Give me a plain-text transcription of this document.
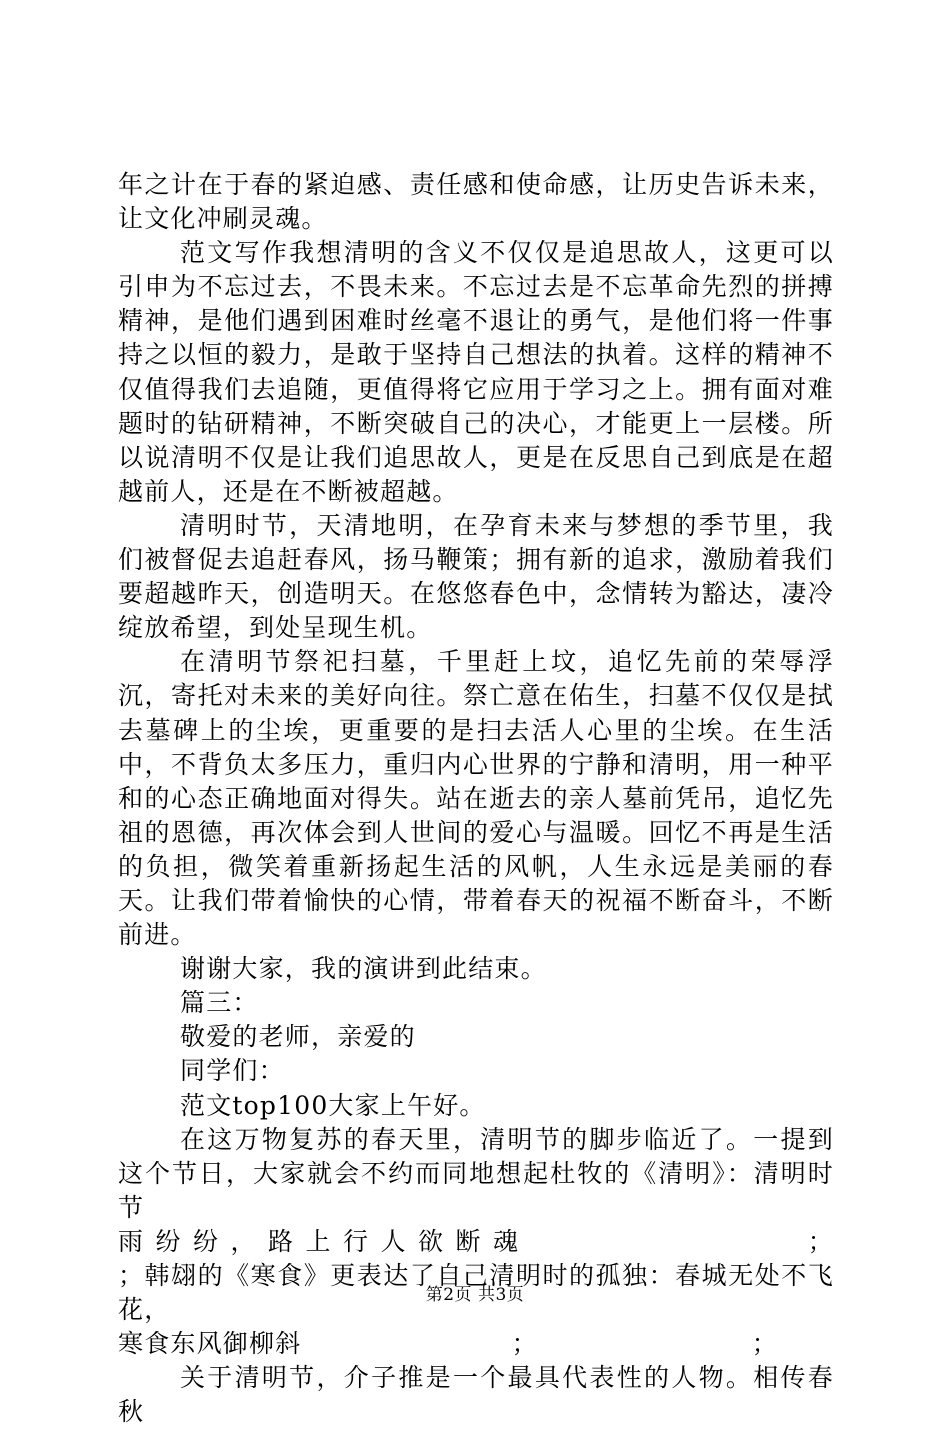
年之计在于春的紧迫感、责任感和使命感，让历史告诉未来，让文化冲刷灵魂。

范文写作我想清明的含义不仅仅是追思故人，这更可以引申为不忘过去，不畏未来。不忘过去是不忘革命先烈的拼搏精神，是他们遇到困难时丝毫不退让的勇气，是他们将一件事持之以恒的毅力，是敢于坚持自己想法的执着。这样的精神不仅值得我们去追随，更值得将它应用于学习之上。拥有面对难题时的钻研精神，不断突破自己的决心，才能更上一层楼。所以说清明不仅是让我们追思故人，更是在反思自己到底是在超越前人，还是在不断被超越。

清明时节，天清地明，在孕育未来与梦想的季节里，我们被督促去追赶春风，扬马鞭策；拥有新的追求，激励着我们要超越昨天，创造明天。在悠悠春色中，念情转为豁达，凄冷绽放希望，到处呈现生机。

在清明节祭祀扫墓，千里赶上坟，追忆先前的荣辱浮沉，寄托对未来的美好向往。祭亡意在佑生，扫墓不仅仅是拭去墓碑上的尘埃，更重要的是扫去活人心里的尘埃。在生活中，不背负太多压力，重归内心世界的宁静和清明，用一种平和的心态正确地面对得失。站在逝去的亲人墓前凭吊，追忆先祖的恩德，再次体会到人世间的爱心与温暖。回忆不再是生活的负担，微笑着重新扬起生活的风帆，人生永远是美丽的春天。让我们带着愉快的心情，带着春天的祝福不断奋斗，不断前进。

谢谢大家，我的演讲到此结束。

篇三：

敬爱的老师，亲爱的

同学们：

范文top100大家上午好。

在这万物复苏的春天里，清明节的脚步临近了。一提到这个节日，大家就会不约而同地想起杜牧的《清明》：清明时节

雨纷纷，路上行人欲断魂	；

；韩翃的《寒食》更表达了自己清明时的孤独：春城无处不飞花，

寒食东风御柳斜	；	；

关于清明节，介子推是一个最具代表性的人物。相传春秋

第2页 共3页
